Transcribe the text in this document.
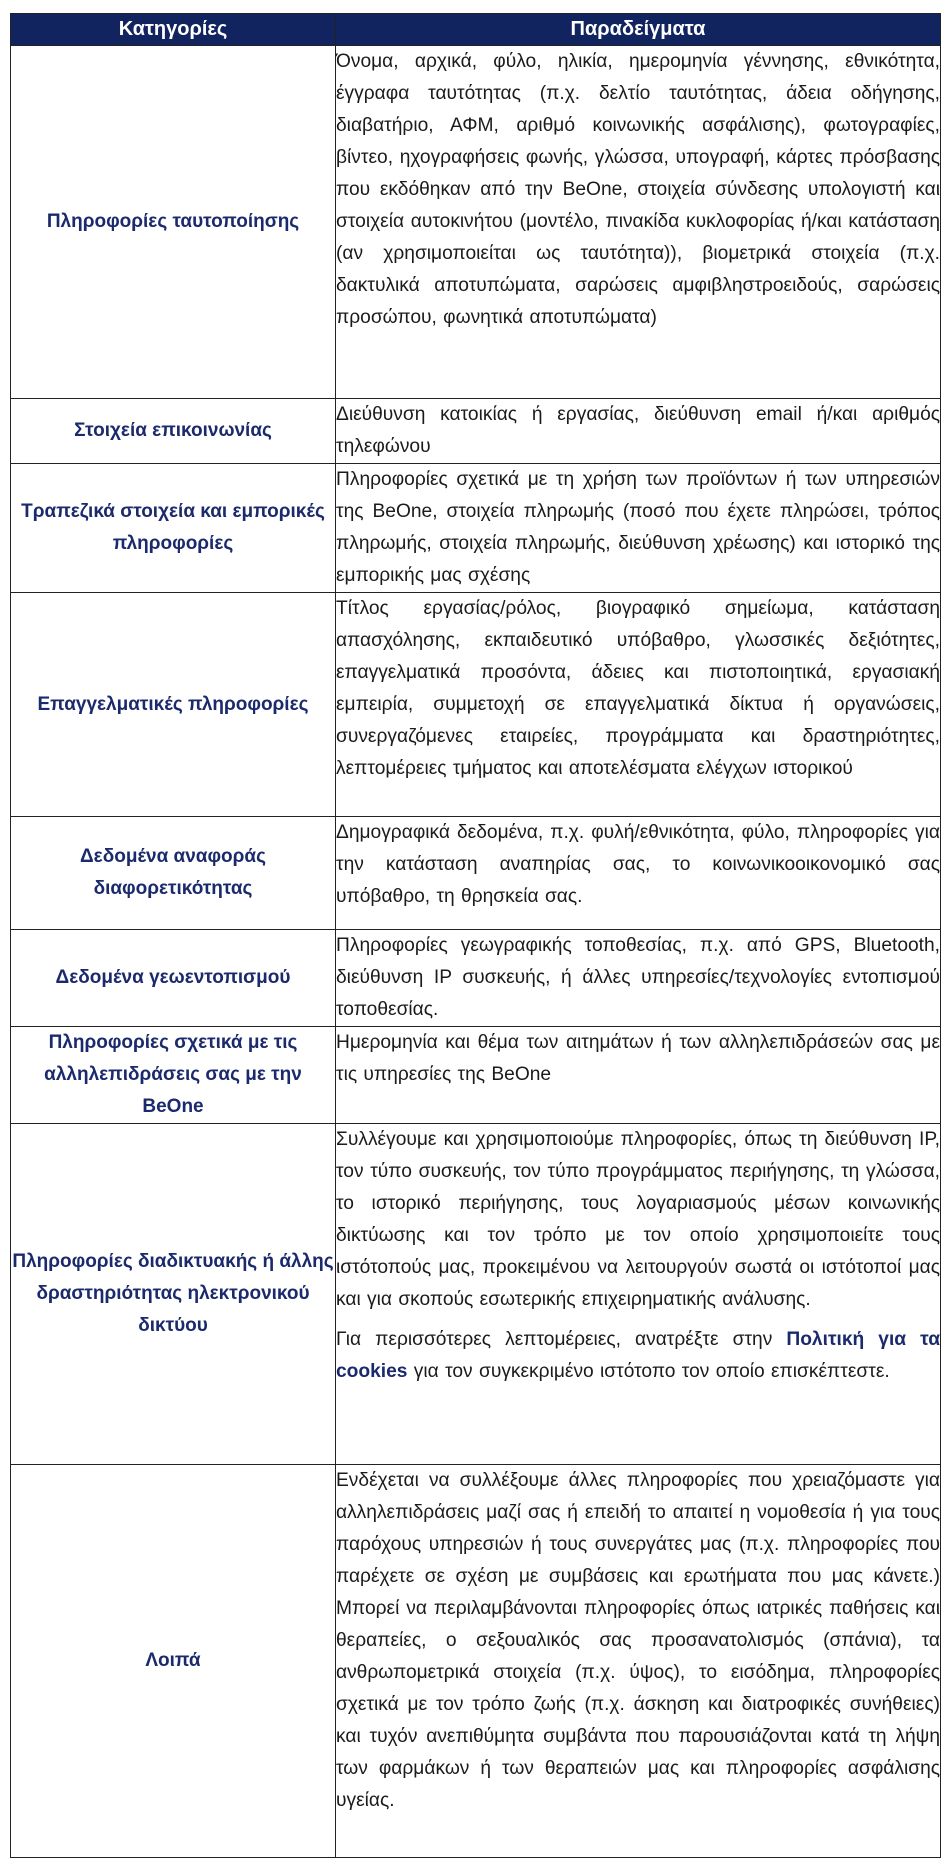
Κατηγορίες	Παραδείγματα
Πληροφορίες ταυτοποίησης	Όνομα, αρχικά, φύλο, ηλικία, ημερομηνία γέννησης, εθνικότητα, έγγραφα ταυτότητας (π.χ. δελτίο ταυτότητας, άδεια οδήγησης, διαβατήριο, ΑΦΜ, αριθμό κοινωνικής ασφάλισης), φωτογραφίες, βίντεο, ηχογραφήσεις φωνής, γλώσσα, υπογραφή, κάρτες πρόσβασης που εκδόθηκαν από την BeOne, στοιχεία σύνδεσης υπολογιστή και στοιχεία αυτοκινήτου (μοντέλο, πινακίδα κυκλοφορίας ή/και κατάσταση (αν χρησιμοποιείται ως ταυτότητα)), βιομετρικά στοιχεία (π.χ. δακτυλικά αποτυπώματα, σαρώσεις αμφιβληστροειδούς, σαρώσεις προσώπου, φωνητικά αποτυπώματα)

Στοιχεία επικοινωνίας	Διεύθυνση κατοικίας ή εργασίας, διεύθυνση email ή/και αριθμός τηλεφώνου

Τραπεζικά στοιχεία και εμπορικές πληροφορίες	Πληροφορίες σχετικά με τη χρήση των προϊόντων ή των υπηρεσιών της BeOne, στοιχεία πληρωμής (ποσό που έχετε πληρώσει, τρόπος πληρωμής, στοιχεία πληρωμής, διεύθυνση χρέωσης) και ιστορικό της εμπορικής μας σχέσης

Επαγγελματικές πληροφορίες	Τίτλος εργασίας/ρόλος, βιογραφικό σημείωμα, κατάσταση απασχόλησης, εκπαιδευτικό υπόβαθρο, γλωσσικές δεξιότητες, επαγγελματικά προσόντα, άδειες και πιστοποιητικά, εργασιακή εμπειρία, συμμετοχή σε επαγγελματικά δίκτυα ή οργανώσεις, συνεργαζόμενες εταιρείες, προγράμματα και δραστηριότητες, λεπτομέρειες τμήματος και αποτελέσματα ελέγχων ιστορικού

Δεδομένα αναφοράς διαφορετικότητας	Δημογραφικά δεδομένα, π.χ. φυλή/εθνικότητα, φύλο, πληροφορίες για την κατάσταση αναπηρίας σας, το κοινωνικοοικονομικό σας υπόβαθρο, τη θρησκεία σας.

Δεδομένα γεωεντοπισμού	Πληροφορίες γεωγραφικής τοποθεσίας, π.χ. από GPS, Bluetooth, διεύθυνση IP συσκευής, ή άλλες υπηρεσίες/τεχνολογίες εντοπισμού τοποθεσίας.

Πληροφορίες σχετικά με τις αλληλεπιδράσεις σας με την BeOne	Ημερομηνία και θέμα των αιτημάτων ή των αλληλεπιδράσεών σας με τις υπηρεσίες της BeOne

Πληροφορίες διαδικτυακής ή άλλης δραστηριότητας ηλεκτρονικού δικτύου	Συλλέγουμε και χρησιμοποιούμε πληροφορίες, όπως τη διεύθυνση IP, τον τύπο συσκευής, τον τύπο προγράμματος περιήγησης, τη γλώσσα, το ιστορικό περιήγησης, τους λογαριασμούς μέσων κοινωνικής δικτύωσης και τον τρόπο με τον οποίο χρησιμοποιείτε τους ιστότοπούς μας, προκειμένου να λειτουργούν σωστά οι ιστότοποί μας και για σκοπούς εσωτερικής επιχειρηματικής ανάλυσης.

Για περισσότερες λεπτομέρειες, ανατρέξτε στην Πολιτική για τα cookies για τον συγκεκριμένο ιστότοπο τον οποίο επισκέπτεστε.

Λοιπά	Ενδέχεται να συλλέξουμε άλλες πληροφορίες που χρειαζόμαστε για αλληλεπιδράσεις μαζί σας ή επειδή το απαιτεί η νομοθεσία ή για τους παρόχους υπηρεσιών ή τους συνεργάτες μας (π.χ. πληροφορίες που παρέχετε σε σχέση με συμβάσεις και ερωτήματα που μας κάνετε.) Μπορεί να περιλαμβάνονται πληροφορίες όπως ιατρικές παθήσεις και θεραπείες, ο σεξουαλικός σας προσανατολισμός (σπάνια), τα ανθρωπομετρικά στοιχεία (π.χ. ύψος), το εισόδημα, πληροφορίες σχετικά με τον τρόπο ζωής (π.χ. άσκηση και διατροφικές συνήθειες) και τυχόν ανεπιθύμητα συμβάντα που παρουσιάζονται κατά τη λήψη των φαρμάκων ή των θεραπειών μας και πληροφορίες ασφάλισης υγείας.
